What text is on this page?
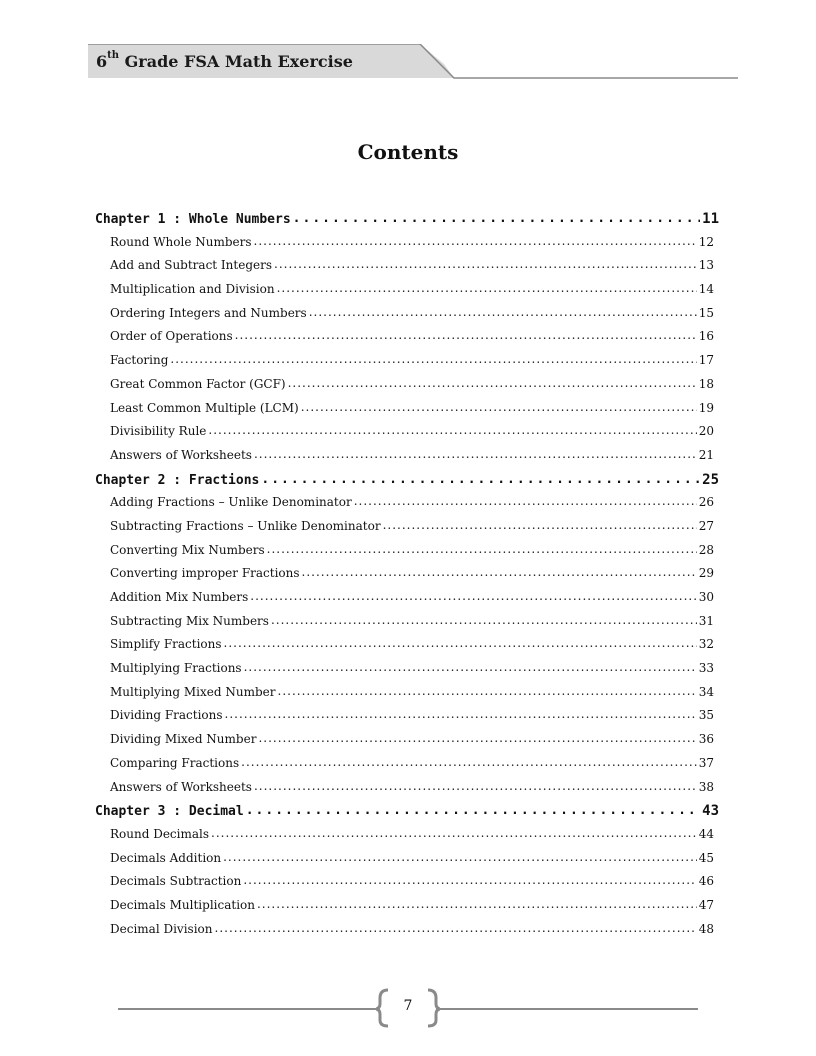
6th Grade FSA Math Exercise
Contents
Chapter 1 : Whole Numbers .....	11
Round Whole Numbers .....	12
Add and Subtract Integers .....	13
Multiplication and Division .....	14
Ordering Integers and Numbers .....	15
Order of Operations .....	16
Factoring .....	17
Great Common Factor (GCF) .....	18
Least Common Multiple (LCM) .....	19
Divisibility Rule .....	20
Answers of Worksheets .....	21
Chapter 2 : Fractions .....	25
Adding Fractions – Unlike Denominator .....	26
Subtracting Fractions – Unlike Denominator .....	27
Converting Mix Numbers .....	28
Converting improper Fractions .....	29
Addition Mix Numbers .....	30
Subtracting Mix Numbers .....	31
Simplify Fractions .....	32
Multiplying Fractions .....	33
Multiplying Mixed Number .....	34
Dividing Fractions .....	35
Dividing Mixed Number .....	36
Comparing Fractions .....	37
Answers of Worksheets .....	38
Chapter 3 : Decimal .....	43
Round Decimals .....	44
Decimals Addition .....	45
Decimals Subtraction .....	46
Decimals Multiplication .....	47
Decimal Division .....	48
7
